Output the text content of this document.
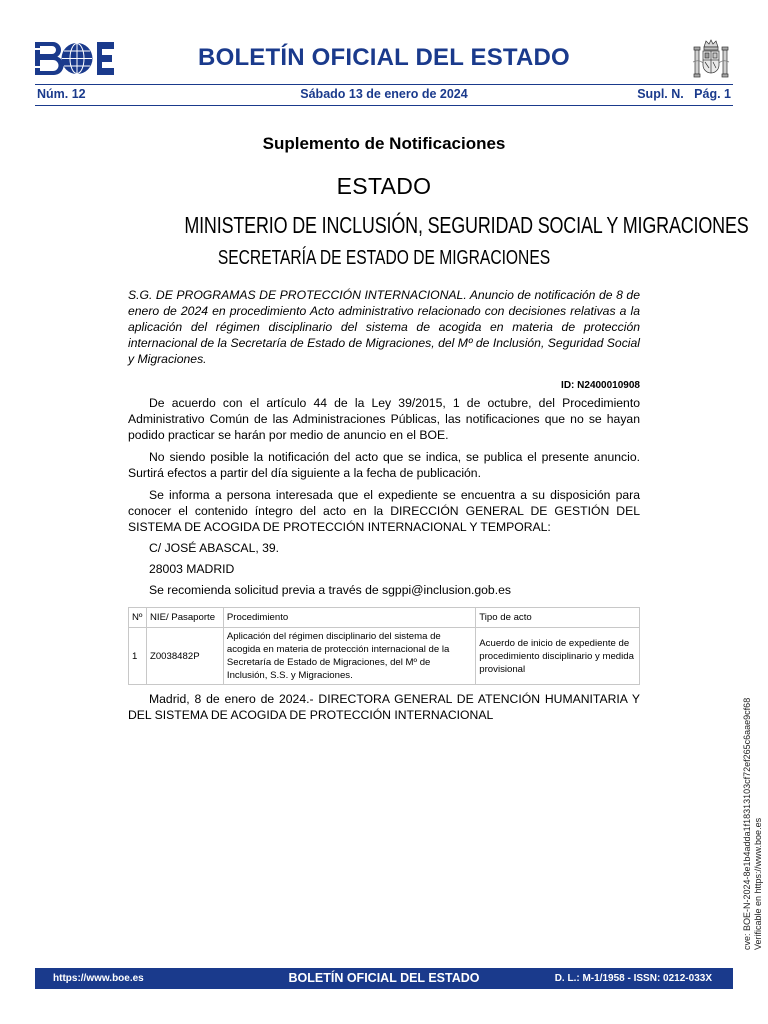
BOLETÍN OFICIAL DEL ESTADO
Núm. 12	Sábado 13 de enero de 2024	Supl. N.   Pág. 1
Suplemento de Notificaciones
ESTADO
MINISTERIO DE INCLUSIÓN, SEGURIDAD SOCIAL Y MIGRACIONES
SECRETARÍA DE ESTADO DE MIGRACIONES
S.G. DE PROGRAMAS DE PROTECCIÓN INTERNACIONAL. Anuncio de notificación de 8 de enero de 2024 en procedimiento Acto administrativo relacionado con decisiones relativas a la aplicación del régimen disciplinario del sistema de acogida en materia de protección internacional de la Secretaría de Estado de Migraciones, del Mº de Inclusión, Seguridad Social y Migraciones.
ID: N2400010908

De acuerdo con el artículo 44 de la Ley 39/2015, 1 de octubre, del Procedimiento Administrativo Común de las Administraciones Públicas, las notificaciones que no se hayan podido practicar se harán por medio de anuncio en el BOE.

No siendo posible la notificación del acto que se indica, se publica el presente anuncio. Surtirá efectos a partir del día siguiente a la fecha de publicación.

Se informa a persona interesada que el expediente se encuentra a su disposición para conocer el contenido íntegro del acto en la DIRECCIÓN GENERAL DE GESTIÓN DEL SISTEMA DE ACOGIDA DE PROTECCIÓN INTERNACIONAL Y TEMPORAL:

C/ JOSÉ ABASCAL, 39.

28003 MADRID

Se recomienda solicitud previa a través de sgppi@inclusion.gob.es

Nº	NIE/ Pasaporte	Procedimiento	Tipo de acto
1	Z0038482P	Aplicación del régimen disciplinario del sistema de acogida en materia de protección internacional de la Secretaría de Estado de Migraciones, del Mº de Inclusión, S.S. y Migraciones.	Acuerdo de inicio de expediente de procedimiento disciplinario y medida provisional

Madrid, 8 de enero de 2024.- DIRECTORA GENERAL DE ATENCIÓN HUMANITARIA Y DEL SISTEMA DE ACOGIDA DE PROTECCIÓN INTERNACIONAL

https://www.boe.es	BOLETÍN OFICIAL DEL ESTADO	D. L.: M-1/1958 - ISSN: 0212-033X
cve: BOE-N-2024-8e1b4adda1f18313103cf72ef265c6aae9cf68 Verificable en https://www.boe.es
